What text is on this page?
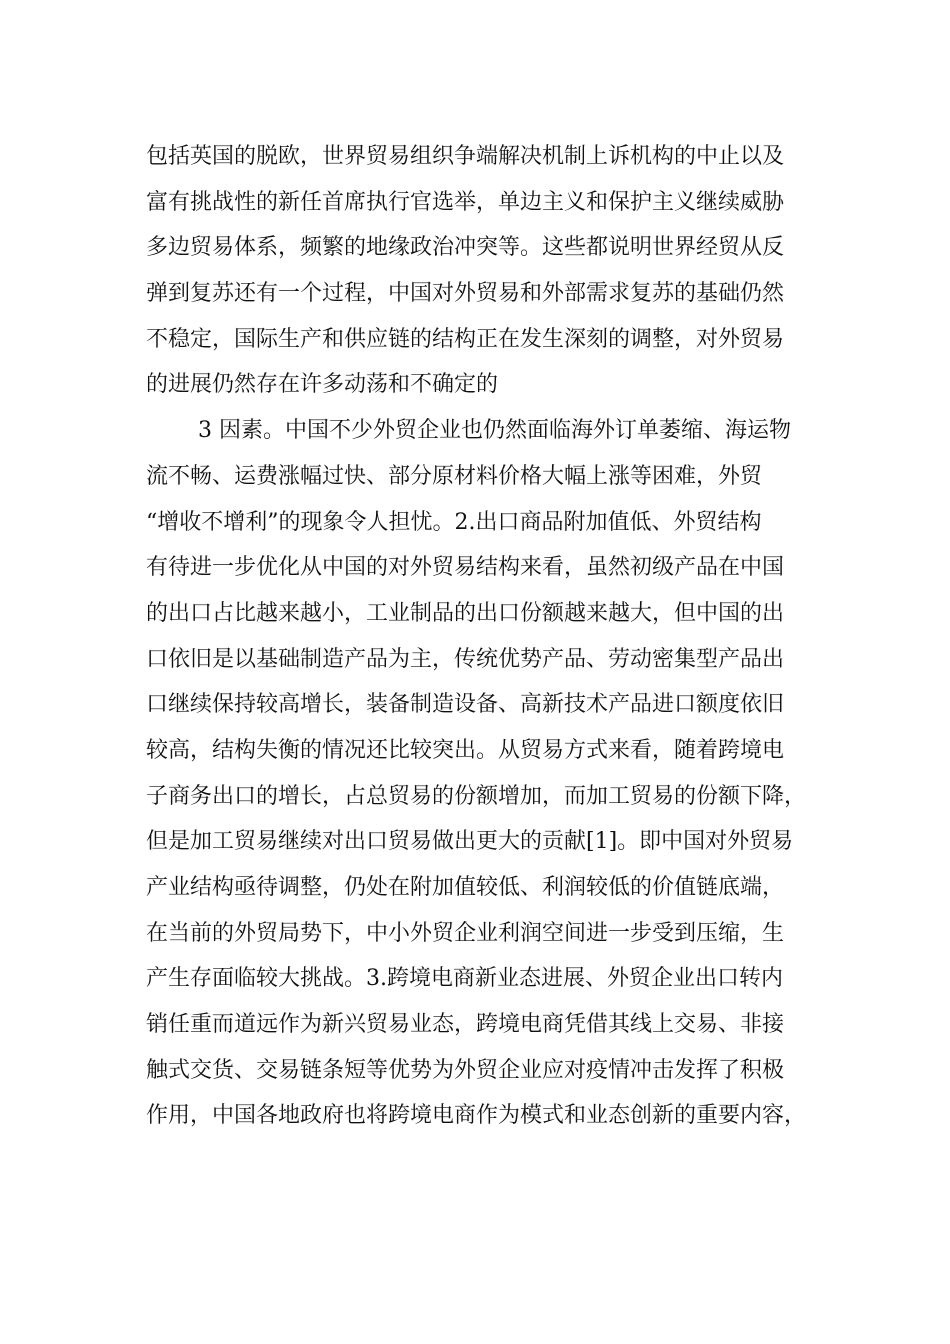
包括英国的脱欧，世界贸易组织争端解决机制上诉机构的中止以及
富有挑战性的新任首席执行官选举，单边主义和保护主义继续威胁
多边贸易体系，频繁的地缘政治冲突等。这些都说明世界经贸从反
弹到复苏还有一个过程，中国对外贸易和外部需求复苏的基础仍然
不稳定，国际生产和供应链的结构正在发生深刻的调整，对外贸易
的进展仍然存在许多动荡和不确定的
3 因素。中国不少外贸企业也仍然面临海外订单萎缩、海运物
流不畅、运费涨幅过快、部分原材料价格大幅上涨等困难，外贸
“增收不增利”的现象令人担忧。2.出口商品附加值低、外贸结构
有待进一步优化从中国的对外贸易结构来看，虽然初级产品在中国
的出口占比越来越小，工业制品的出口份额越来越大，但中国的出
口依旧是以基础制造产品为主，传统优势产品、劳动密集型产品出
口继续保持较高增长，装备制造设备、高新技术产品进口额度依旧
较高，结构失衡的情况还比较突出。从贸易方式来看，随着跨境电
子商务出口的增长，占总贸易的份额增加，而加工贸易的份额下降，
但是加工贸易继续对出口贸易做出更大的贡献[1]。即中国对外贸易
产业结构亟待调整，仍处在附加值较低、利润较低的价值链底端，
在当前的外贸局势下，中小外贸企业利润空间进一步受到压缩，生
产生存面临较大挑战。3.跨境电商新业态进展、外贸企业出口转内
销任重而道远作为新兴贸易业态，跨境电商凭借其线上交易、非接
触式交货、交易链条短等优势为外贸企业应对疫情冲击发挥了积极
作用，中国各地政府也将跨境电商作为模式和业态创新的重要内容，
